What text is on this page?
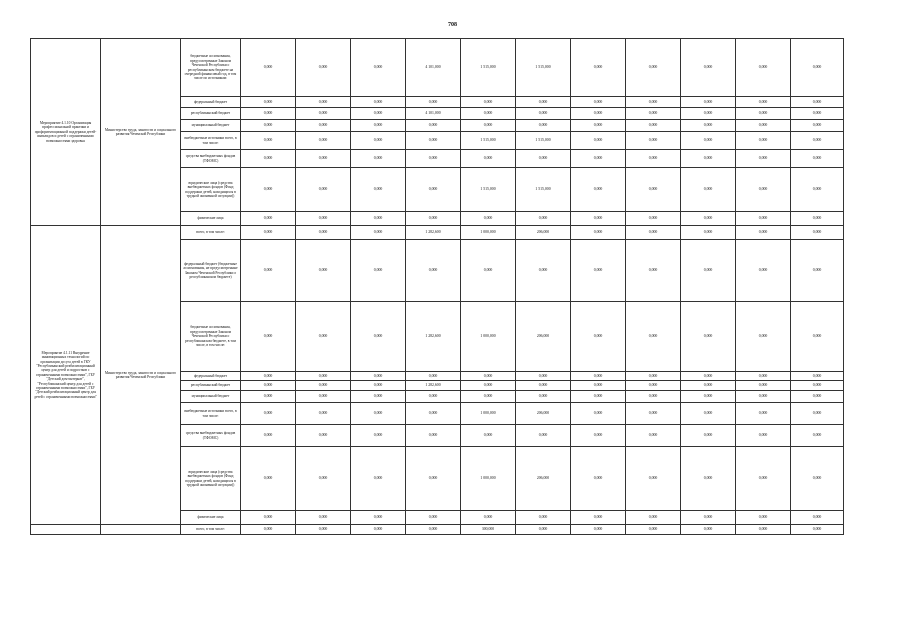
708
Мероприятие 4.1.10 Организация профессиональной практики и профориентационной поддержки детей-инвалидов и детей с ограниченными возможностями здоровья	Министерство труда, занятости и социального развития Чеченской Республики	бюджетные ассигнования, предусмотренные Законом Чеченской Республики о республиканском бюджете на очередной финансовый год, в том числе по источникам:	0,000	0,000	0,000	4 101,000	1 515,000	1 515,000	0,000	0,000	0,000	0,000	0,000
		федеральный бюджет	0,000	0,000	0,000	0,000	0,000	0,000	0,000	0,000	0,000	0,000	0,000
		республиканский бюджет	0,000	0,000	0,000	4 101,000	0,000	0,000	0,000	0,000	0,000	0,000	0,000
		муниципальный бюджет	0,000	0,000	0,000	0,000	0,000	0,000	0,000	0,000	0,000	0,000	0,000
		внебюджетные источники всего, в том числе:	0,000	0,000	0,000	0,000	1 515,000	1 515,000	0,000	0,000	0,000	0,000	0,000
		средства внебюджетных фондов (ТФОМС)	0,000	0,000	0,000	0,000	0,000	0,000	0,000	0,000	0,000	0,000	0,000
		юридические лица (средства внебюджетных фондов (Фонд поддержки детей, находящихся в трудной жизненной ситуации))	0,000	0,000	0,000	0,000	1 515,000	1 515,000	0,000	0,000	0,000	0,000	0,000
		физические лица	0,000	0,000	0,000	0,000	0,000	0,000	0,000	0,000	0,000	0,000	0,000
Мероприятие 4.1.11 Внедрение инновационных технологий по организации досуга детей в ГКУ "Республиканский реабилитационный центр для детей и подростков с ограниченными возможностями", ГБУ "Детский дом-интернат", "Республиканский центр для детей с ограниченными возможностями", ГБУ "Детский реабилитационный центр для детей с ограниченными возможностями"	Министерство труда, занятости и социального развития Чеченской Республики	всего, в том числе:	0,000	0,000	0,000	1 282,600	1 000,000	206,000	0,000	0,000	0,000	0,000	0,000
		федеральный бюджет (бюджетные ассигнования, не предусмотренные Законом Чеченской Республики о республиканском бюджете)	0,000	0,000	0,000	0,000	0,000	0,000	0,000	0,000	0,000	0,000	0,000
		бюджетные ассигнования, предусмотренные Законом Чеченской Республики о республиканском бюджете, в том числе, в том числе:	0,000	0,000	0,000	1 282,600	1 000,000	206,000	0,000	0,000	0,000	0,000	0,000
		федеральный бюджет	0,000	0,000	0,000	0,000	0,000	0,000	0,000	0,000	0,000	0,000	0,000
		республиканский бюджет	0,000	0,000	0,000	1 282,600	0,000	0,000	0,000	0,000	0,000	0,000	0,000
		муниципальный бюджет	0,000	0,000	0,000	0,000	0,000	0,000	0,000	0,000	0,000	0,000	0,000
		внебюджетные источники всего, в том числе:	0,000	0,000	0,000	0,000	1 000,000	206,000	0,000	0,000	0,000	0,000	0,000
		средства внебюджетных фондов (ТФОМС)	0,000	0,000	0,000	0,000	0,000	0,000	0,000	0,000	0,000	0,000	0,000
		юридические лица (средства внебюджетных фондов (Фонд поддержки детей, находящихся в трудной жизненной ситуации))	0,000	0,000	0,000	0,000	1 000,000	206,000	0,000	0,000	0,000	0,000	0,000
		физические лица	0,000	0,000	0,000	0,000	0,000	0,000	0,000	0,000	0,000	0,000	0,000
		всего, в том числе:	0,000	0,000	0,000	0,000	300,000	0,000	0,000	0,000	0,000	0,000	0,000
